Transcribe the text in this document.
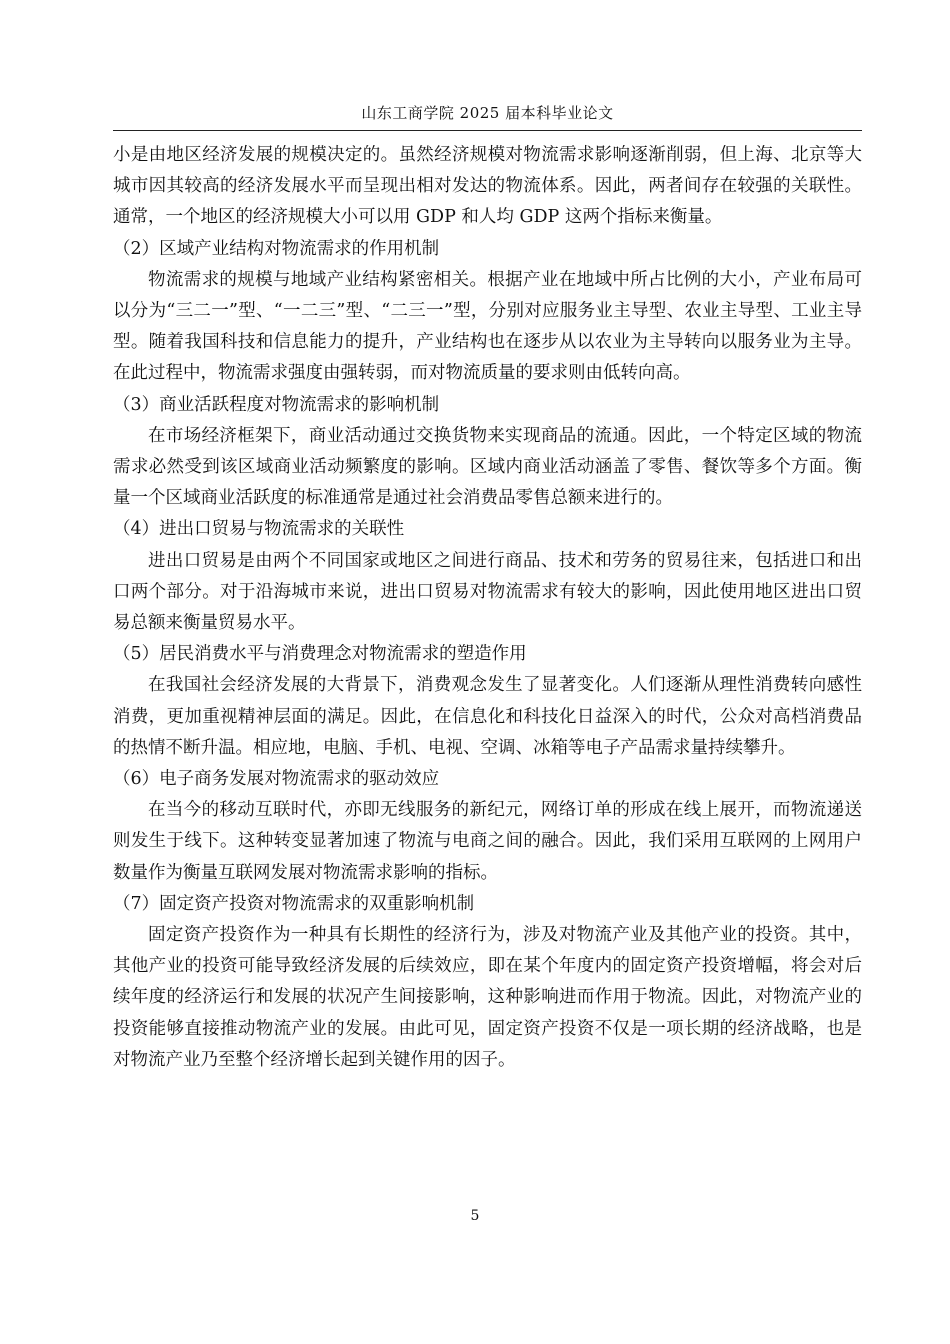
山东工商学院 2025 届本科毕业论文

小是由地区经济发展的规模决定的。虽然经济规模对物流需求影响逐渐削弱，但上海、北京等大城市因其较高的经济发展水平而呈现出相对发达的物流体系。因此，两者间存在较强的关联性。通常，一个地区的经济规模大小可以用 GDP 和人均 GDP 这两个指标来衡量。

（2）区域产业结构对物流需求的作用机制

物流需求的规模与地域产业结构紧密相关。根据产业在地域中所占比例的大小，产业布局可以分为“三二一”型、“一二三”型、“二三一”型，分别对应服务业主导型、农业主导型、工业主导型。随着我国科技和信息能力的提升，产业结构也在逐步从以农业为主导转向以服务业为主导。在此过程中，物流需求强度由强转弱，而对物流质量的要求则由低转向高。

（3）商业活跃程度对物流需求的影响机制

在市场经济框架下，商业活动通过交换货物来实现商品的流通。因此，一个特定区域的物流需求必然受到该区域商业活动频繁度的影响。区域内商业活动涵盖了零售、餐饮等多个方面。衡量一个区域商业活跃度的标准通常是通过社会消费品零售总额来进行的。

（4）进出口贸易与物流需求的关联性

进出口贸易是由两个不同国家或地区之间进行商品、技术和劳务的贸易往来，包括进口和出口两个部分。对于沿海城市来说，进出口贸易对物流需求有较大的影响，因此使用地区进出口贸易总额来衡量贸易水平。

（5）居民消费水平与消费理念对物流需求的塑造作用

在我国社会经济发展的大背景下，消费观念发生了显著变化。人们逐渐从理性消费转向感性消费，更加重视精神层面的满足。因此，在信息化和科技化日益深入的时代，公众对高档消费品的热情不断升温。相应地，电脑、手机、电视、空调、冰箱等电子产品需求量持续攀升。

（6）电子商务发展对物流需求的驱动效应

在当今的移动互联时代，亦即无线服务的新纪元，网络订单的形成在线上展开，而物流递送则发生于线下。这种转变显著加速了物流与电商之间的融合。因此，我们采用互联网的上网用户数量作为衡量互联网发展对物流需求影响的指标。

（7）固定资产投资对物流需求的双重影响机制

固定资产投资作为一种具有长期性的经济行为，涉及对物流产业及其他产业的投资。其中，其他产业的投资可能导致经济发展的后续效应，即在某个年度内的固定资产投资增幅，将会对后续年度的经济运行和发展的状况产生间接影响，这种影响进而作用于物流。因此，对物流产业的投资能够直接推动物流产业的发展。由此可见，固定资产投资不仅是一项长期的经济战略，也是对物流产业乃至整个经济增长起到关键作用的因子。

5
